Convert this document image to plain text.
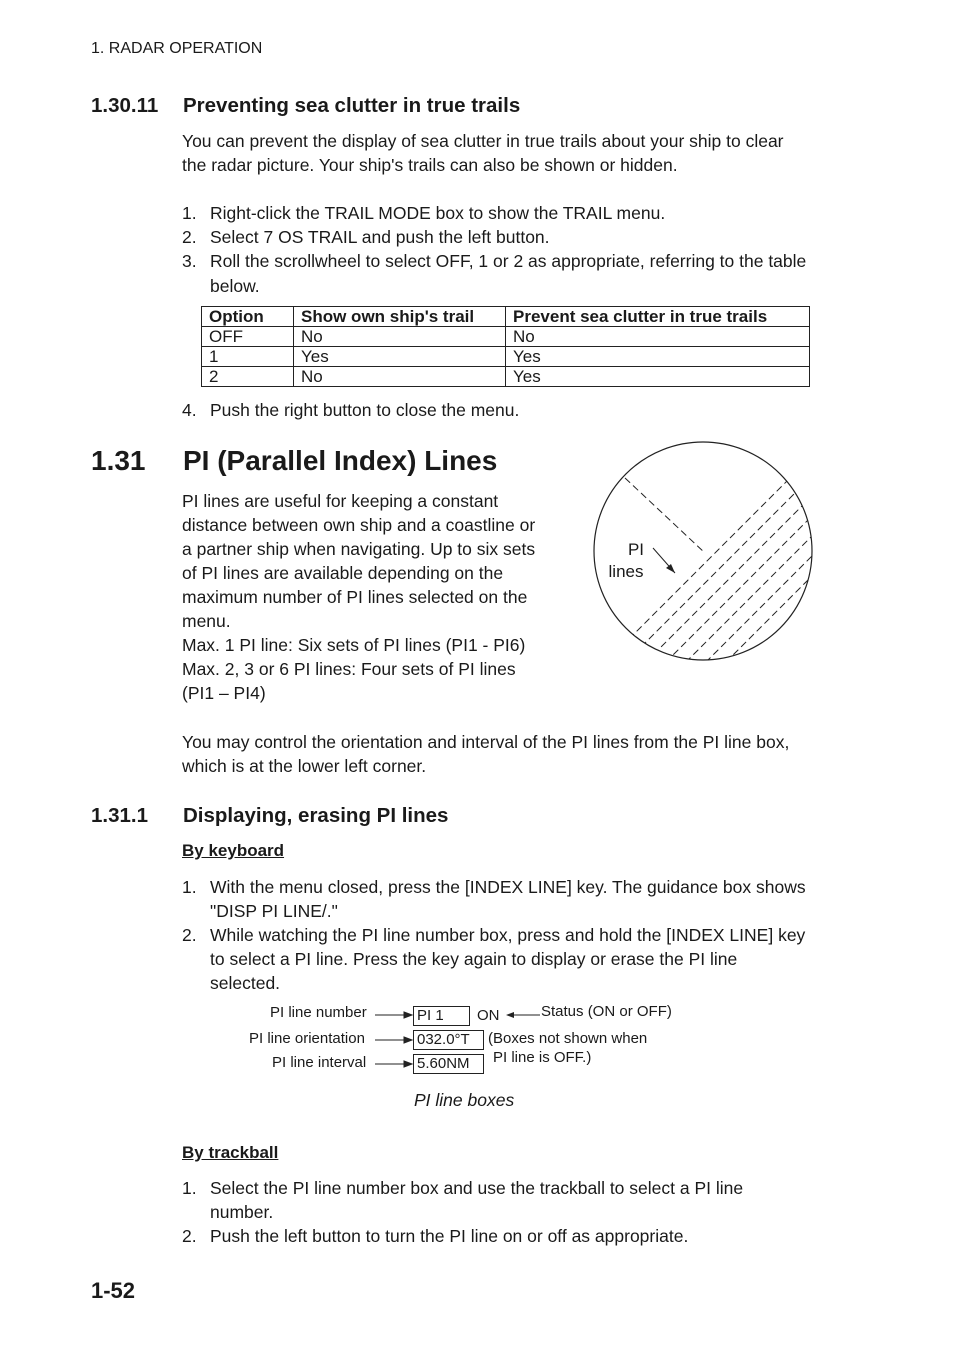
1. RADAR OPERATION
1.30.11 Preventing sea clutter in true trails
You can prevent the display of sea clutter in true trails about your ship to clear
the radar picture. Your ship's trails can also be shown or hidden.
1. Right-click the TRAIL MODE box to show the TRAIL menu.
2. Select 7 OS TRAIL and push the left button.
3. Roll the scrollwheel to select OFF, 1 or 2 as appropriate, referring to the table
below.
Option	Show own ship's trail	Prevent sea clutter in true trails
OFF	No	No
1	Yes	Yes
2	No	Yes
4. Push the right button to close the menu.
1.31 PI (Parallel Index) Lines
PI lines are useful for keeping a constant
distance between own ship and a coastline or
a partner ship when navigating. Up to six sets
of PI lines are available depending on the
maximum number of PI lines selected on the
menu.
Max. 1 PI line: Six sets of PI lines (PI1 - PI6)
Max. 2, 3 or 6 PI lines: Four sets of PI lines
(PI1 – PI4)
PI
lines
You may control the orientation and interval of the PI lines from the PI line box,
which is at the lower left corner.
1.31.1 Displaying, erasing PI lines
By keyboard
1. With the menu closed, press the [INDEX LINE] key. The guidance box shows
"DISP PI LINE/."
2. While watching the PI line number box, press and hold the [INDEX LINE] key
to select a PI line. Press the key again to display or erase the PI line
selected.
PI line number
PI line orientation
PI line interval
PI 1	ON	Status (ON or OFF)
032.0°T	(Boxes not shown when
PI line is OFF.)
5.60NM
PI line boxes
By trackball
1. Select the PI line number box and use the trackball to select a PI line
number.
2. Push the left button to turn the PI line on or off as appropriate.
1-52
